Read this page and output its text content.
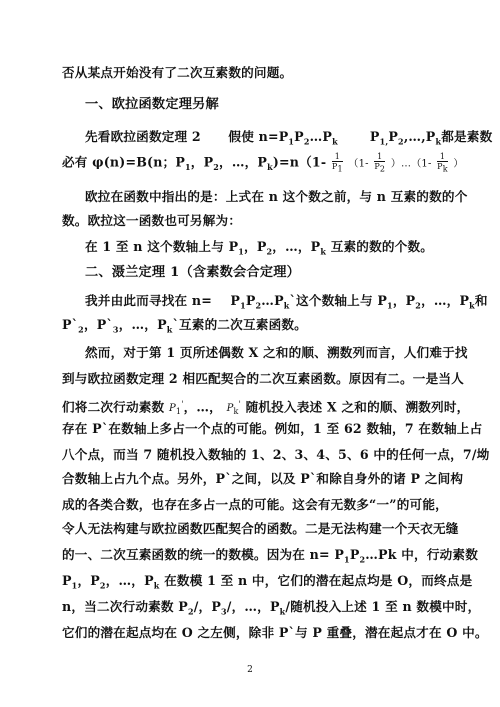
否从某点开始没有了二次互素数的问题。
一、欧拉函数定理另解
先看欧拉函数定理 2 假使 $n=P_1P_2\dots P_k$	$P_{1,}P_2,\dots,P_k$都是素数
必有 φ(n)=B(n；$P_1$，$P_2$，…，$P_k)=n(1- \frac{1}{P_1} (1- \frac{1}{P_2}$ ）…（1- $\frac{1}{P_k}$ ）
欧拉在函数中指出的是：上式在 n 这个数之前，与 n 互素的数的个
数。欧拉这一函数也可另解为：
在 1 至 n 这个数轴上与 $P_1$，$P_2$，…，$P_k$ 互素的数的个数。
二、滠兰定理 1（含素数会合定理）
我并由此而寻找在 $n= P_1P_2\dots P_k`$这个数轴上与 $P_1$，$P_2$，…，$P_k$和
$P`_2$，$P`_3$，…，$P_k`$互素的二次互素函数。
然而，对于第 1 页所述偶数 X 之和的顺、溯数列而言，人们难于找
到与欧拉函数定理 2 相匹配契合的二次互素函数。原因有二。一是当人
们将二次行动素数 $P_1'$，…， $P_k'$ 随机投入表述 X 之和的顺、溯数列时，
存在 P`在数轴上多占一个点的可能。例如，1 至 62 数轴，7 在数轴上占
八个点，而当 7 随机投入数轴的 1、2、3、4、5、6 中的任何一点，7/坳
合数轴上占九个点。另外，P`之间，以及 P`和除自身外的诸 P 之间构
成的各类合数，也存在多占一点的可能。这会有无数多“一”的可能，
令人无法构建与欧拉函数匹配契合的函数。二是无法构建一个天衣无缝
的一、二次互素函数的统一的数模。因为在 $n= P_1P_2\dots Pk$ 中，行动素数
$P_1$，$P_2$，…，$P_k$ 在数模 1 至 n 中，它们的潜在起点均是 O，而终点是
n，当二次行动素数 $P_2/$，$P_3/$，…，$P_k/$随机投入上述 1 至 n 数模中时，
它们的潜在起点均在 O 之左侧，除非 P`与 P 重叠，潜在起点才在 O 中。
2
